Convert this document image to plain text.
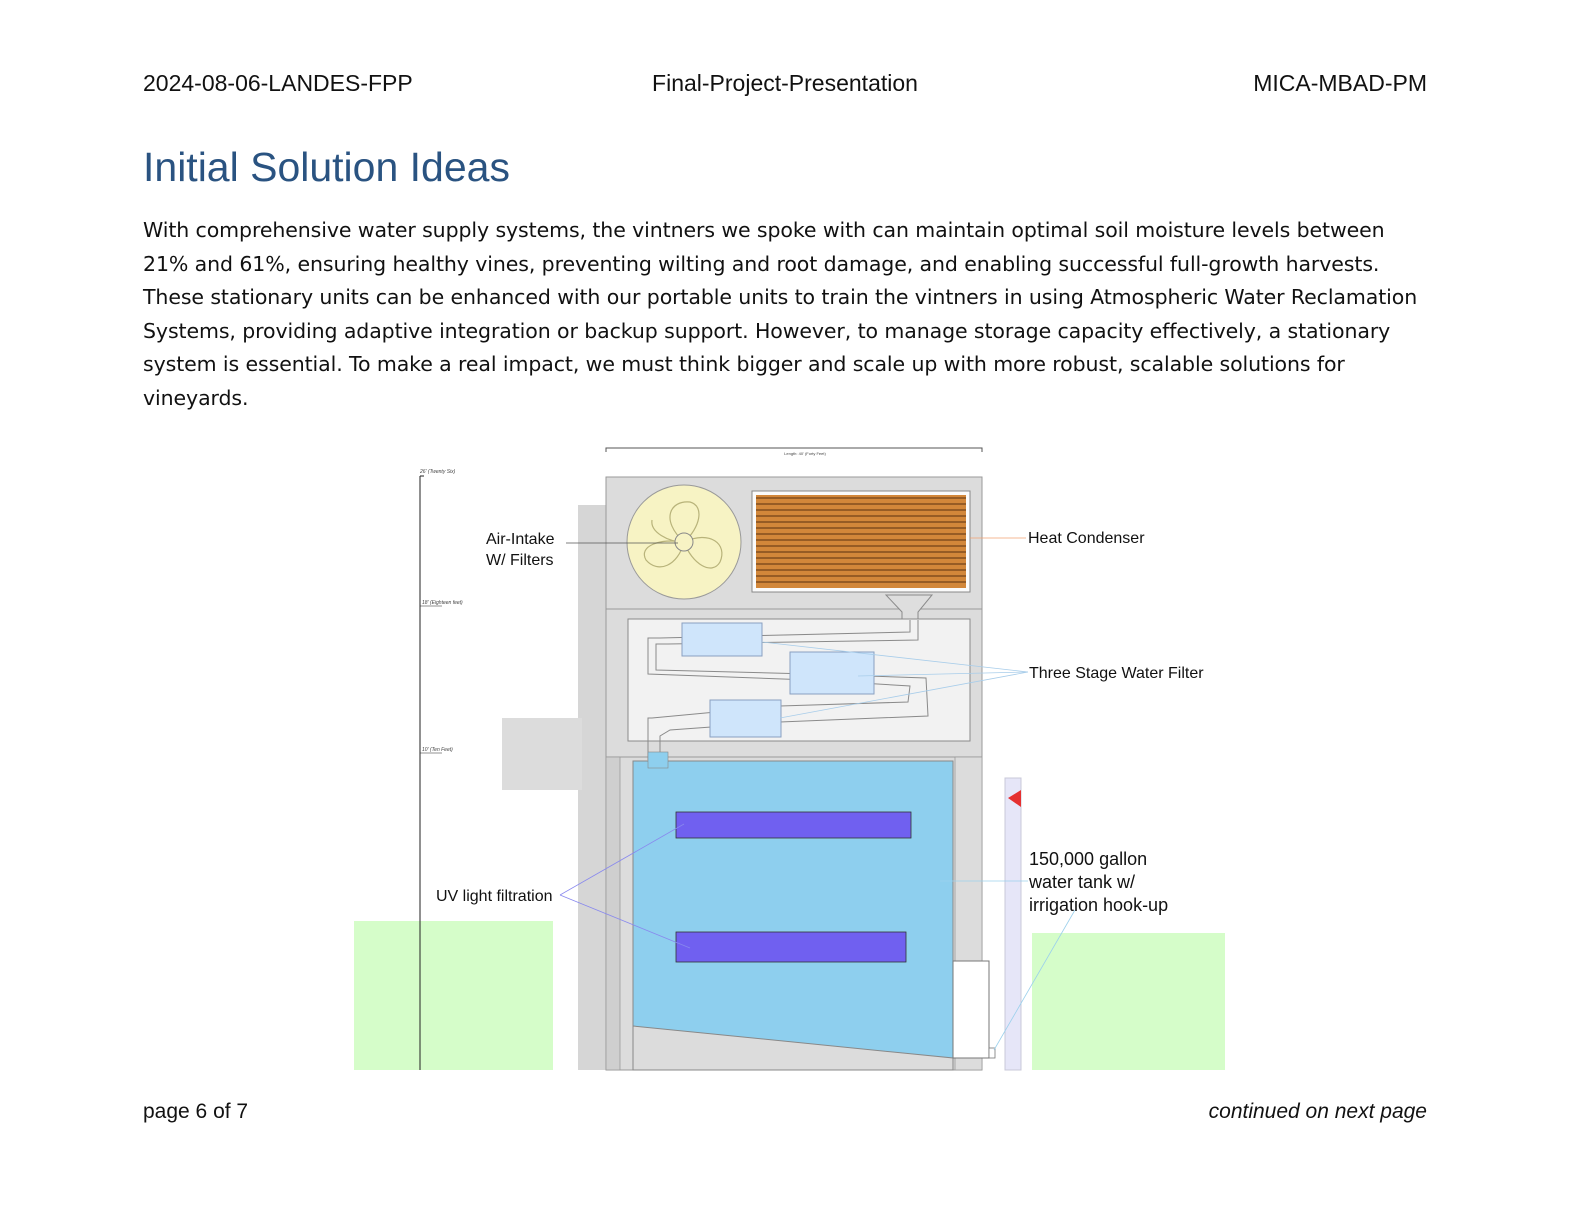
2024-08-06-LANDES-FPP	Final-Project-Presentation	MICA-MBAD-PM
Initial Solution Ideas

With comprehensive water supply systems, the vintners we spoke with can maintain optimal soil moisture levels between 21% and 61%, ensuring healthy vines, preventing wilting and root damage, and enabling successful full-growth harvests. These stationary units can be enhanced with our portable units to train the vintners in using Atmospheric Water Reclamation Systems, providing adaptive integration or backup support. However, to manage storage capacity effectively, a stationary system is essential. To make a real impact, we must think bigger and scale up with more robust, scalable solutions for vineyards.

Length: 40' (Forty Feet)
26' (Twenty Six)
18' (Eighteen feet)
10' (Ten Feet)
Air-Intake
W/ Filters
Heat Condenser
Three Stage Water Filter
UV light filtration
150,000 gallon
water tank w/
irrigation hook-up
page 6 of 7	continued on next page
